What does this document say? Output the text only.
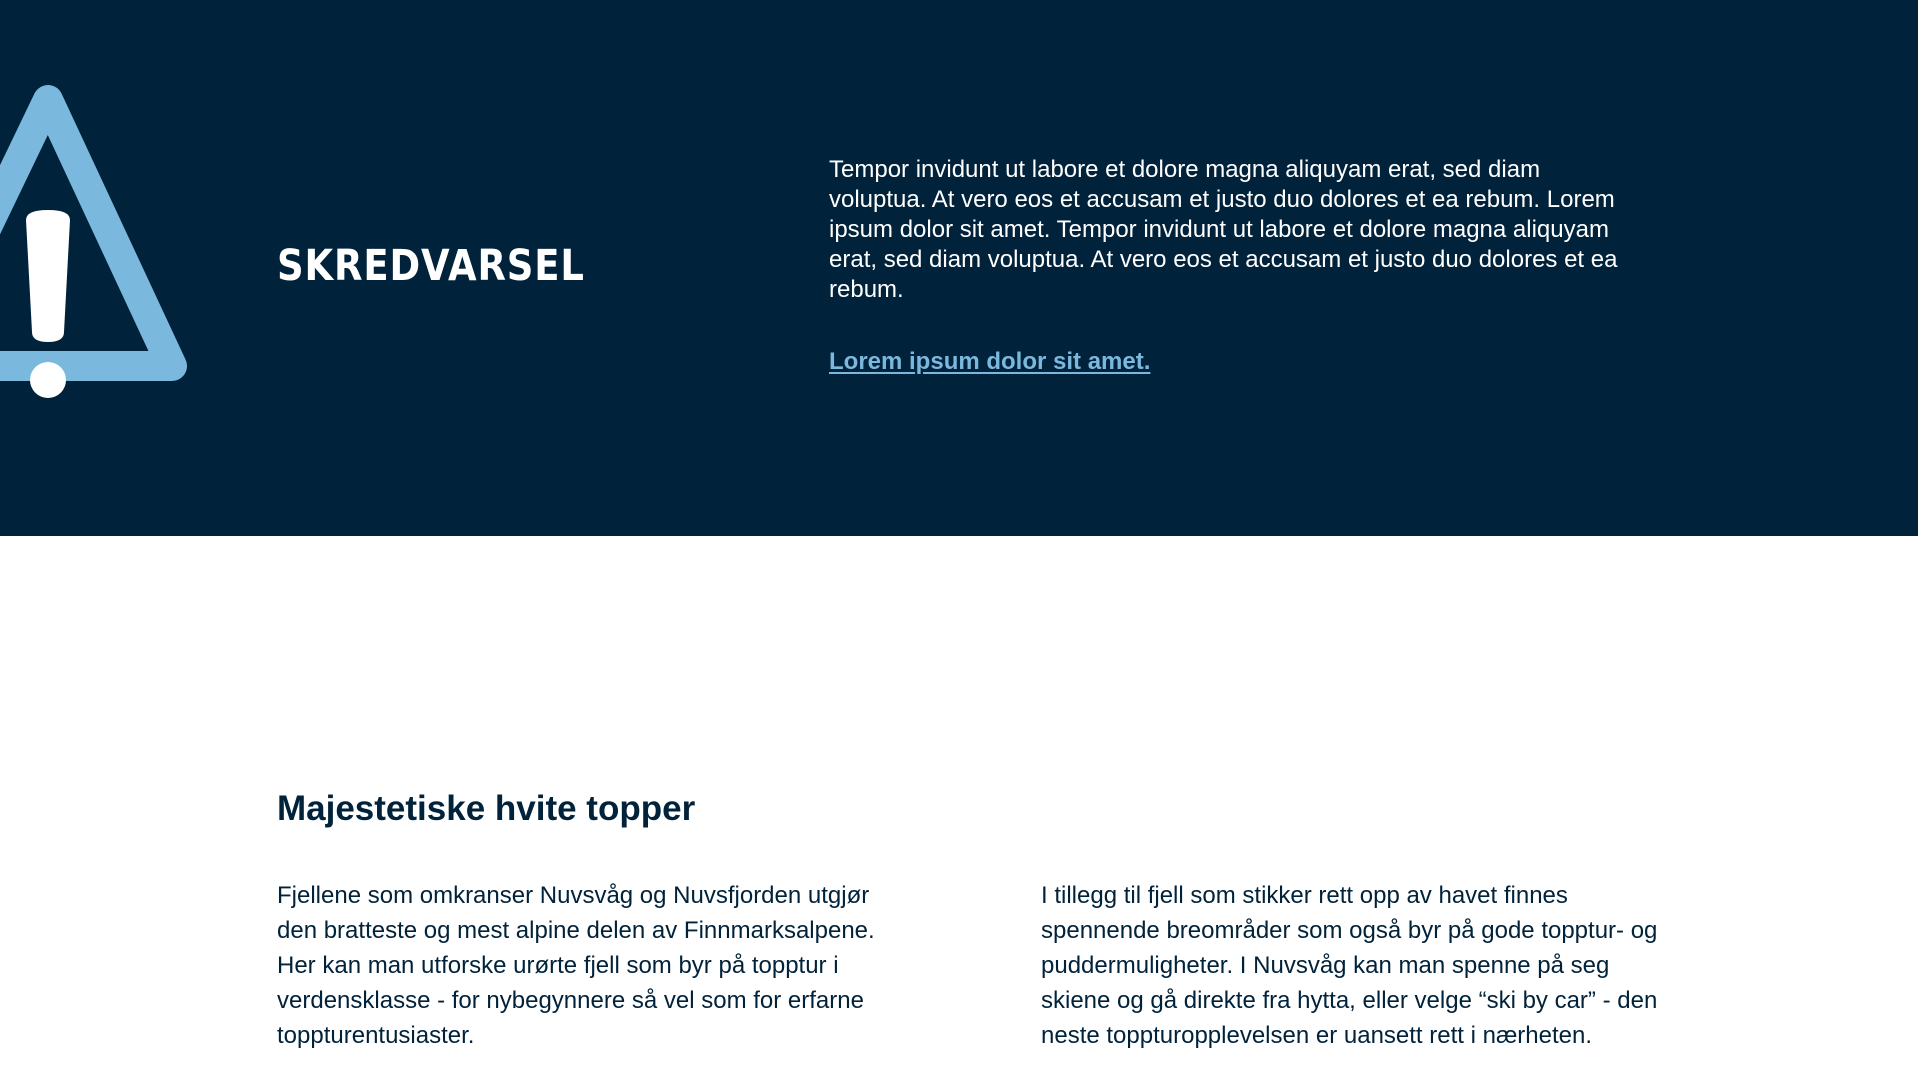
SKREDVARSEL

Tempor invidunt ut labore et dolore magna aliquyam erat, sed diam voluptua. At vero eos et accusam et justo duo dolores et ea rebum. Lorem ipsum dolor sit amet. Tempor invidunt ut labore et dolore magna aliquyam erat, sed diam voluptua. At vero eos et accusam et justo duo dolores et ea rebum.

Lorem ipsum dolor sit amet.
Majestetiske hvite topper

Fjellene som omkranser Nuvsvåg og Nuvsfjorden utgjør den bratteste og mest alpine delen av Finnmarksalpene. Her kan man utforske urørte fjell som byr på topptur i verdensklasse - for nybegynnere så vel som for erfarne toppturentusiaster.

I tillegg til fjell som stikker rett opp av havet finnes spennende breområder som også byr på gode topptur- og puddermuligheter. I Nuvsvåg kan man spenne på seg skiene og gå direkte fra hytta, eller velge “ski by car” - den neste toppturopplevelsen er uansett rett i nærheten.
